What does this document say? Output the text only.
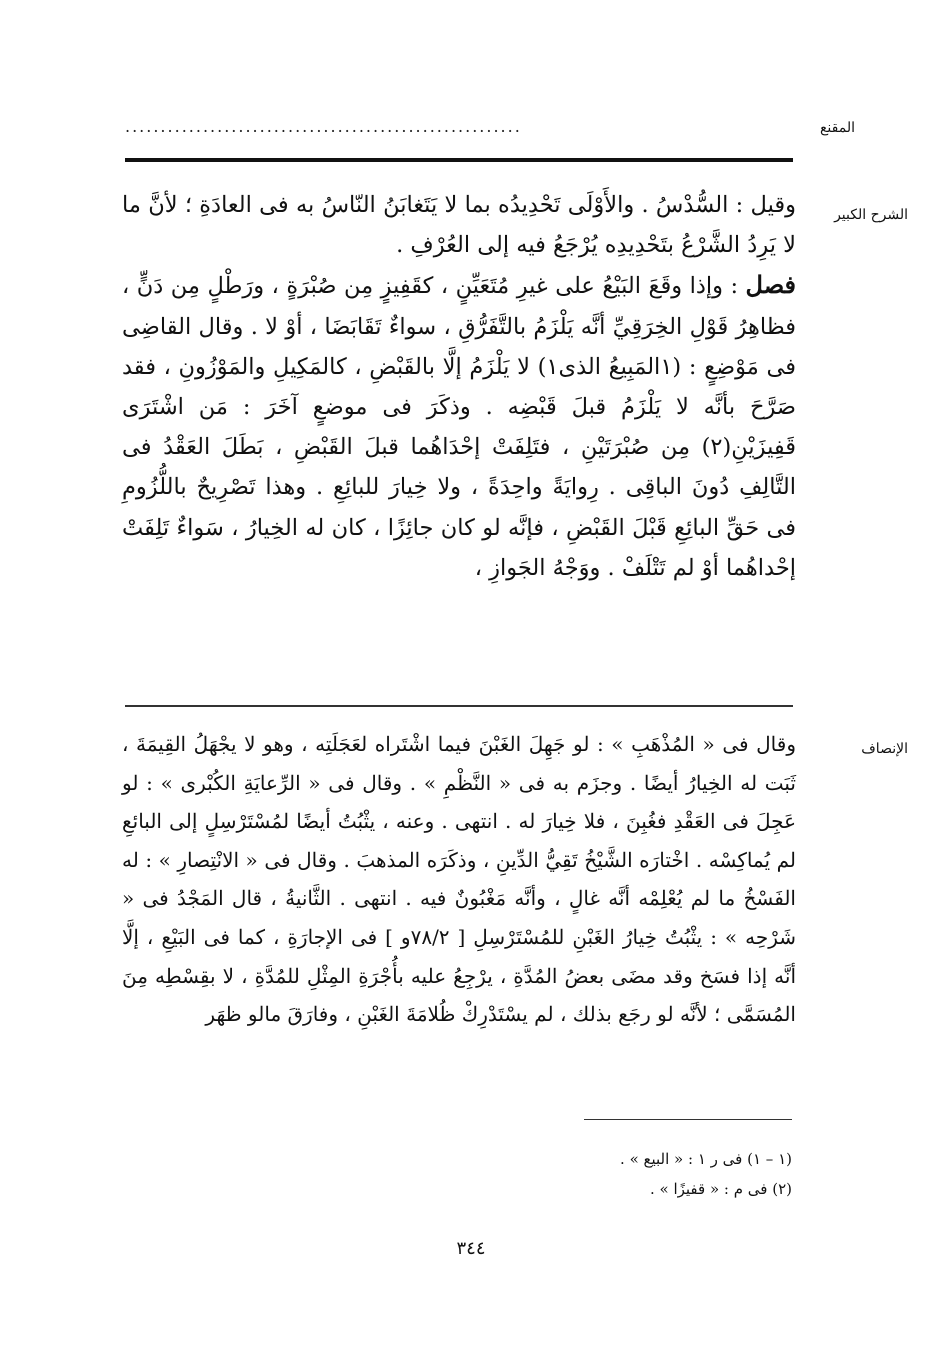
المقنع
........................................................
الشرح الكبير

وقيل : السُّدْسُ . والأَوْلَى تَحْدِيدُه بما لا يَتَغابَنُ النّاسُ به فى العادَةِ ؛ لأنَّ ما لا يَرِدُ الشَّرْعُ بتَحْدِيدِه يُرْجَعُ فيه إلى العُرْفِ .

فصل : وإذا وقَعَ البَيْعُ على غيرِ مُتَعَيِّنٍ ، كقَفِيزٍ مِن صُبْرَةٍ ، ورَطْلٍ مِن دَنٍّ ، فظاهِرُ قَوْلِ الخِرَقِيِّ أنَّه يَلْزَمُ بالتَّفَرُّقِ ، سواءٌ تَقَابَضَا ، أوْ لا . وقال القاضِى فى مَوْضِعٍ : (١المَبِيعُ الذى١) لا يَلْزَمُ إلَّا بالقَبْضِ ، كالمَكِيلِ والمَوْزُونِ ، فقد صَرَّحَ بأنَّه لا يَلْزَمُ قبلَ قَبْضِه . وذكَرَ فى موضعٍ آخَرَ : مَن اشْتَرَى قَفِيزَيْنِ(٢) مِن صُبْرَتَيْنِ ، فتَلِفَتْ إحْدَاهُما قبلَ القَبْضِ ، بَطَلَ العَقْدُ فى التَّالِفِ دُونَ الباقِى . رِوايَةً واحِدَةً ، ولا خِيارَ للبائِعِ . وهذا تَصْرِيحٌ باللُّزُومِ فى حَقِّ البائِعِ قَبْلَ القَبْضِ ، فإنَّه لو كان جائِزًا ، كان له الخِيارُ ، سَواءٌ تَلِفَتْ إحْداهُما أوْ لم تَتْلَفْ . ووَجْهُ الجَوازِ ،

الإنصاف

وقال فى « المُذْهَبِ » : لو جَهِلَ الغَبْنَ فيما اشْتَراه لعَجَلَتِه ، وهو لا يجْهَلُ القِيمَةَ ، ثَبَت له الخِيارُ أيضًا . وجزَم به فى « النَّظْمِ » . وقال فى « الرِّعايَةِ الكُبْرى » : لو عَجِلَ فى العَقْدِ فغُبِنَ ، فلا خِيارَ له . انتهى . وعنه ، يثْبُتُ أيضًا لمُسْتَرْسِلٍ إلى البائعِ لم يُماكِسْه . اخْتارَه الشَّيْخُ تَقِيُّ الدِّينِ ، وذكَرَه المذهبَ . وقال فى « الانْتِصارِ » : له الفَسْخُ ما لم يُعْلِمْه أنَّه غالٍ ، وأنَّه مَغْبُونٌ فيه . انتهى . الثَّانيةُ ، قال المَجْدُ فى « شَرْحِه » : يثْبُتُ خِيارُ الغَبْنِ للمُسْتَرْسِلِ [ ٧٨/٢و ] فى الإجارَةِ ، كما فى البَيْعِ ، إلَّا أنَّه إذا فسَخ وقد مضَى بعضُ المُدَّةِ ، يرْجِعُ عليه بأُجْرَةِ المِثْلِ للمُدَّةِ ، لا بقِسْطِه مِنَ المُسَمَّى ؛ لأنَّه لو رجَع بذلك ، لم يسْتَدْرِكْ ظُلامَةَ الغَبْنِ ، وفارَقَ مالو ظهَر

(١ – ١) فى ر ١ : « البيع » .
(٢) فى م : « قفيزًا » .
٣٤٤
